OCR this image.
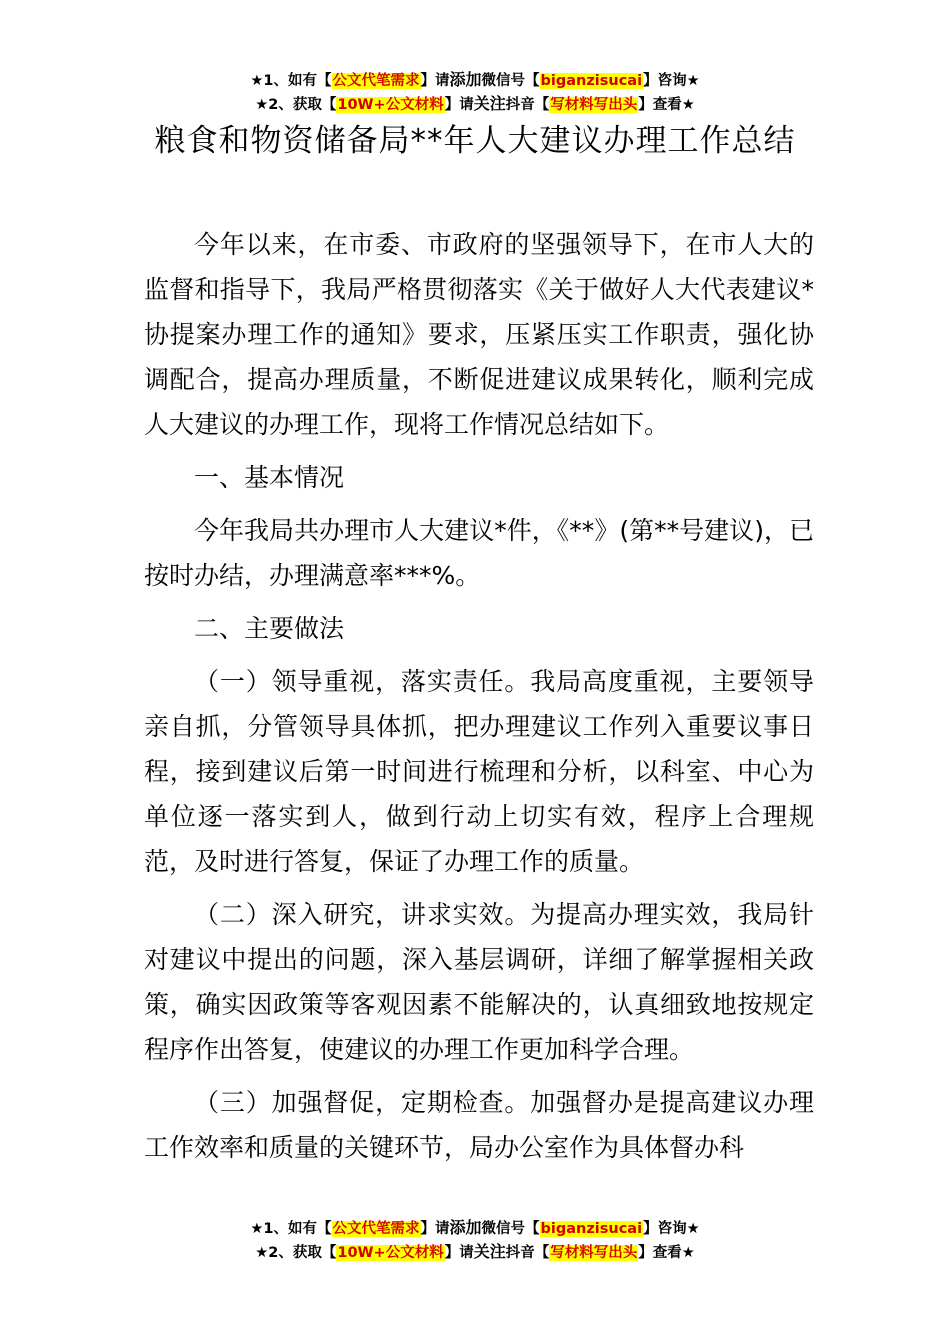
★1、如有【公文代笔需求】请添加微信号【biganzisucai】咨询★
★2、获取【10W+公文材料】请关注抖音【写材料写出头】查看★
粮食和物资储备局**年人大建议办理工作总结

今年以来，在市委、市政府的坚强领导下，在市人大的监督和指导下，我局严格贯彻落实《关于做好人大代表建议*协提案办理工作的通知》要求，压紧压实工作职责，强化协调配合，提高办理质量，不断促进建议成果转化，顺利完成人大建议的办理工作，现将工作情况总结如下。

一、基本情况

今年我局共办理市人大建议*件，《**》(第**号建议)，已按时办结，办理满意率***%。

二、主要做法

（一）领导重视，落实责任。我局高度重视，主要领导亲自抓，分管领导具体抓，把办理建议工作列入重要议事日程，接到建议后第一时间进行梳理和分析，以科室、中心为单位逐一落实到人，做到行动上切实有效，程序上合理规范，及时进行答复，保证了办理工作的质量。

（二）深入研究，讲求实效。为提高办理实效，我局针对建议中提出的问题，深入基层调研，详细了解掌握相关政策，确实因政策等客观因素不能解决的，认真细致地按规定程序作出答复，使建议的办理工作更加科学合理。

（三）加强督促，定期检查。加强督办是提高建议办理工作效率和质量的关键环节，局办公室作为具体督办科

★1、如有【公文代笔需求】请添加微信号【biganzisucai】咨询★
★2、获取【10W+公文材料】请关注抖音【写材料写出头】查看★
